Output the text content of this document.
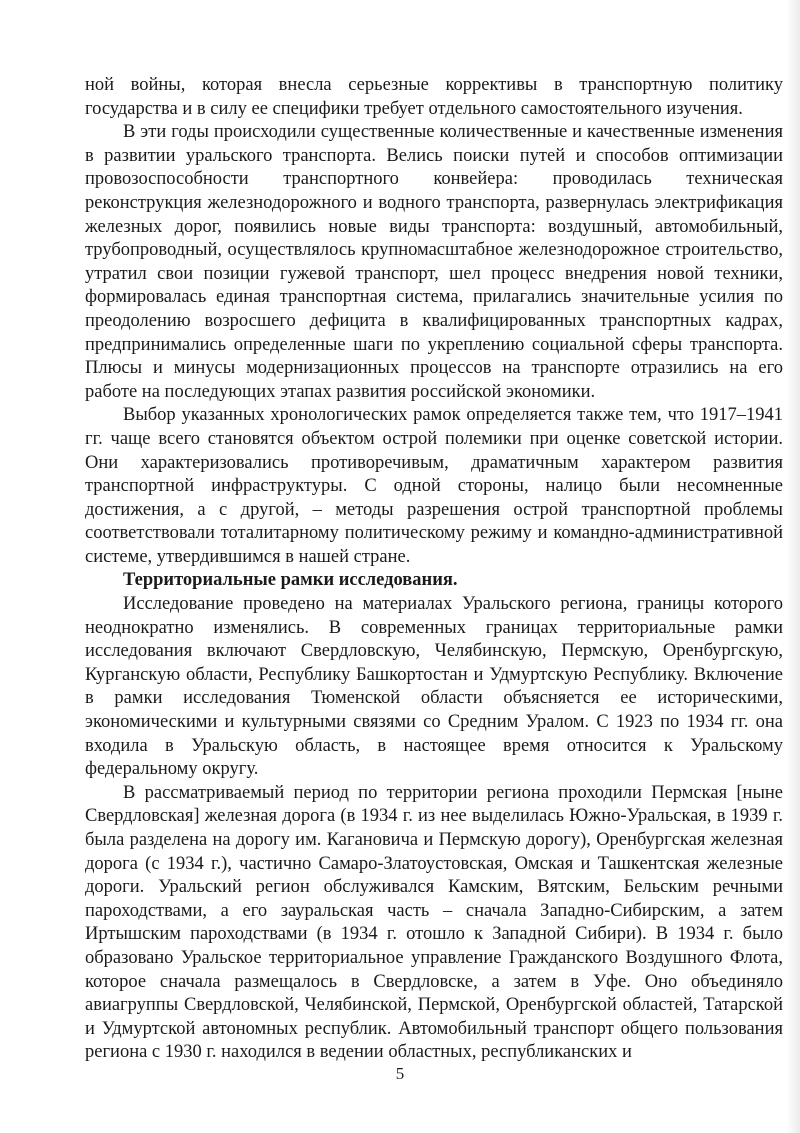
ной войны, которая внесла серьезные коррективы в транспортную политику государства и в силу ее специфики требует отдельного самостоятельного изучения.

В эти годы происходили существенные количественные и качественные изменения в развитии уральского транспорта. Велись поиски путей и способов оптимизации провозоспособности транспортного конвейера: проводилась техническая реконструкция железнодорожного и водного транспорта, развернулась электрификация железных дорог, появились новые виды транспорта: воздушный, автомобильный, трубопроводный, осуществлялось крупномасштабное железнодорожное строительство, утратил свои позиции гужевой транспорт, шел процесс внедрения новой техники, формировалась единая транспортная система, прилагались значительные усилия по преодолению возросшего дефицита в квалифицированных транспортных кадрах, предпринимались определенные шаги по укреплению социальной сферы транспорта. Плюсы и минусы модернизационных процессов на транспорте отразились на его работе на последующих этапах развития российской экономики.

Выбор указанных хронологических рамок определяется также тем, что 1917–1941 гг. чаще всего становятся объектом острой полемики при оценке советской истории. Они характеризовались противоречивым, драматичным характером развития транспортной инфраструктуры. С одной стороны, налицо были несомненные достижения, а с другой, – методы разрешения острой транспортной проблемы соответствовали тоталитарному политическому режиму и командно-административной системе, утвердившимся в нашей стране.

Территориальные рамки исследования.

Исследование проведено на материалах Уральского региона, границы которого неоднократно изменялись. В современных границах территориальные рамки исследования включают Свердловскую, Челябинскую, Пермскую, Оренбургскую, Курганскую области, Республику Башкортостан и Удмуртскую Республику. Включение в рамки исследования Тюменской области объясняется ее историческими, экономическими и культурными связями со Средним Уралом. С 1923 по 1934 гг. она входила в Уральскую область, в настоящее время относится к Уральскому федеральному округу.

В рассматриваемый период по территории региона проходили Пермская [ныне Свердловская] железная дорога (в 1934 г. из нее выделилась Южно-Уральская, в 1939 г. была разделена на дорогу им. Кагановича и Пермскую дорогу), Оренбургская железная дорога (с 1934 г.), частично Самаро-Златоустовская, Омская и Ташкентская железные дороги. Уральский регион обслуживался Камским, Вятским, Бельским речными пароходствами, а его зауральская часть – сначала Западно-Сибирским, а затем Иртышским пароходствами (в 1934 г. отошло к Западной Сибири). В 1934 г. было образовано Уральское территориальное управление Гражданского Воздушного Флота, которое сначала размещалось в Свердловске, а затем в Уфе. Оно объединяло авиагруппы Свердловской, Челябинской, Пермской, Оренбургской областей, Татарской и Удмуртской автономных республик. Автомобильный транспорт общего пользования региона с 1930 г. находился в ведении областных, республиканских и

5
